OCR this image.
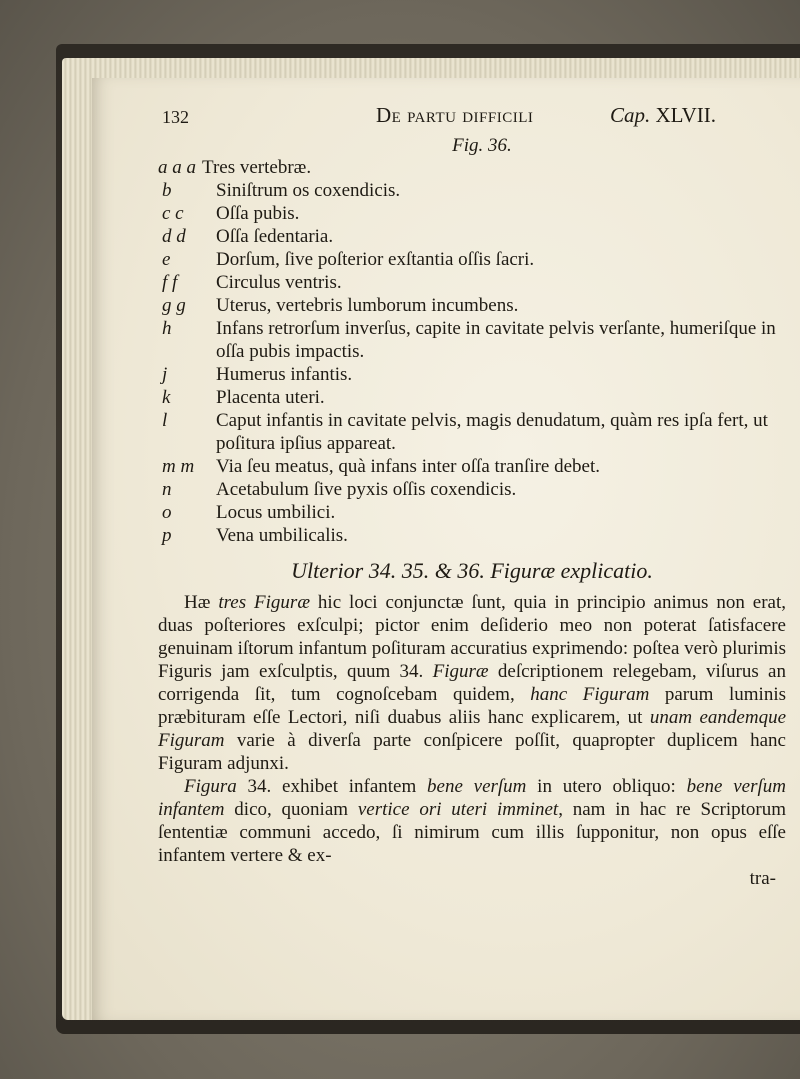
132	De partu difficili	Cap. XLVII.
Fig. 36.
a a a Tres vertebræ.
b	Siniſtrum os coxendicis.
c c	Oſſa pubis.
d d	Oſſa ſedentaria.
e	Dorſum, ſive poſterior exſtantia oſſis ſacri.
f f	Circulus ventris.
g g	Uterus, vertebris lumborum incumbens.
h	Infans retrorſum inverſus, capite in cavitate pelvis verſante, humeriſque in oſſa pubis impactis.
j	Humerus infantis.
k	Placenta uteri.
l	Caput infantis in cavitate pelvis, magis denudatum, quàm res ipſa fert, ut poſitura ipſius appareat.
m m	Via ſeu meatus, quà infans inter oſſa tranſire debet.
n	Acetabulum ſive pyxis oſſis coxendicis.
o	Locus umbilici.
p	Vena umbilicalis.
Ulterior 34. 35. & 36. Figuræ explicatio.

Hæ tres Figuræ hic loci conjunctæ ſunt, quia in principio animus non erat, duas poſteriores exſculpi; pictor enim deſiderio meo non poterat ſatisfacere genuinam iſtorum infantum poſituram accuratius exprimendo: poſtea verò plurimis Figuris jam exſculptis, quum 34. Figuræ deſcriptionem relegebam, viſurus an corrigenda ſit, tum cognoſcebam quidem, hanc Figuram parum luminis præbituram eſſe Lectori, niſi duabus aliis hanc explicarem, ut unam eandemque Figuram varie à diverſa parte conſpicere poſſit, quapropter duplicem hanc Figuram adjunxi.

Figura 34. exhibet infantem bene verſum in utero obliquo: bene verſum infantem dico, quoniam vertice ori uteri imminet, nam in hac re Scriptorum ſententiæ communi accedo, ſi nimirum cum illis ſupponitur, non opus eſſe infantem vertere & ex-

tra-
